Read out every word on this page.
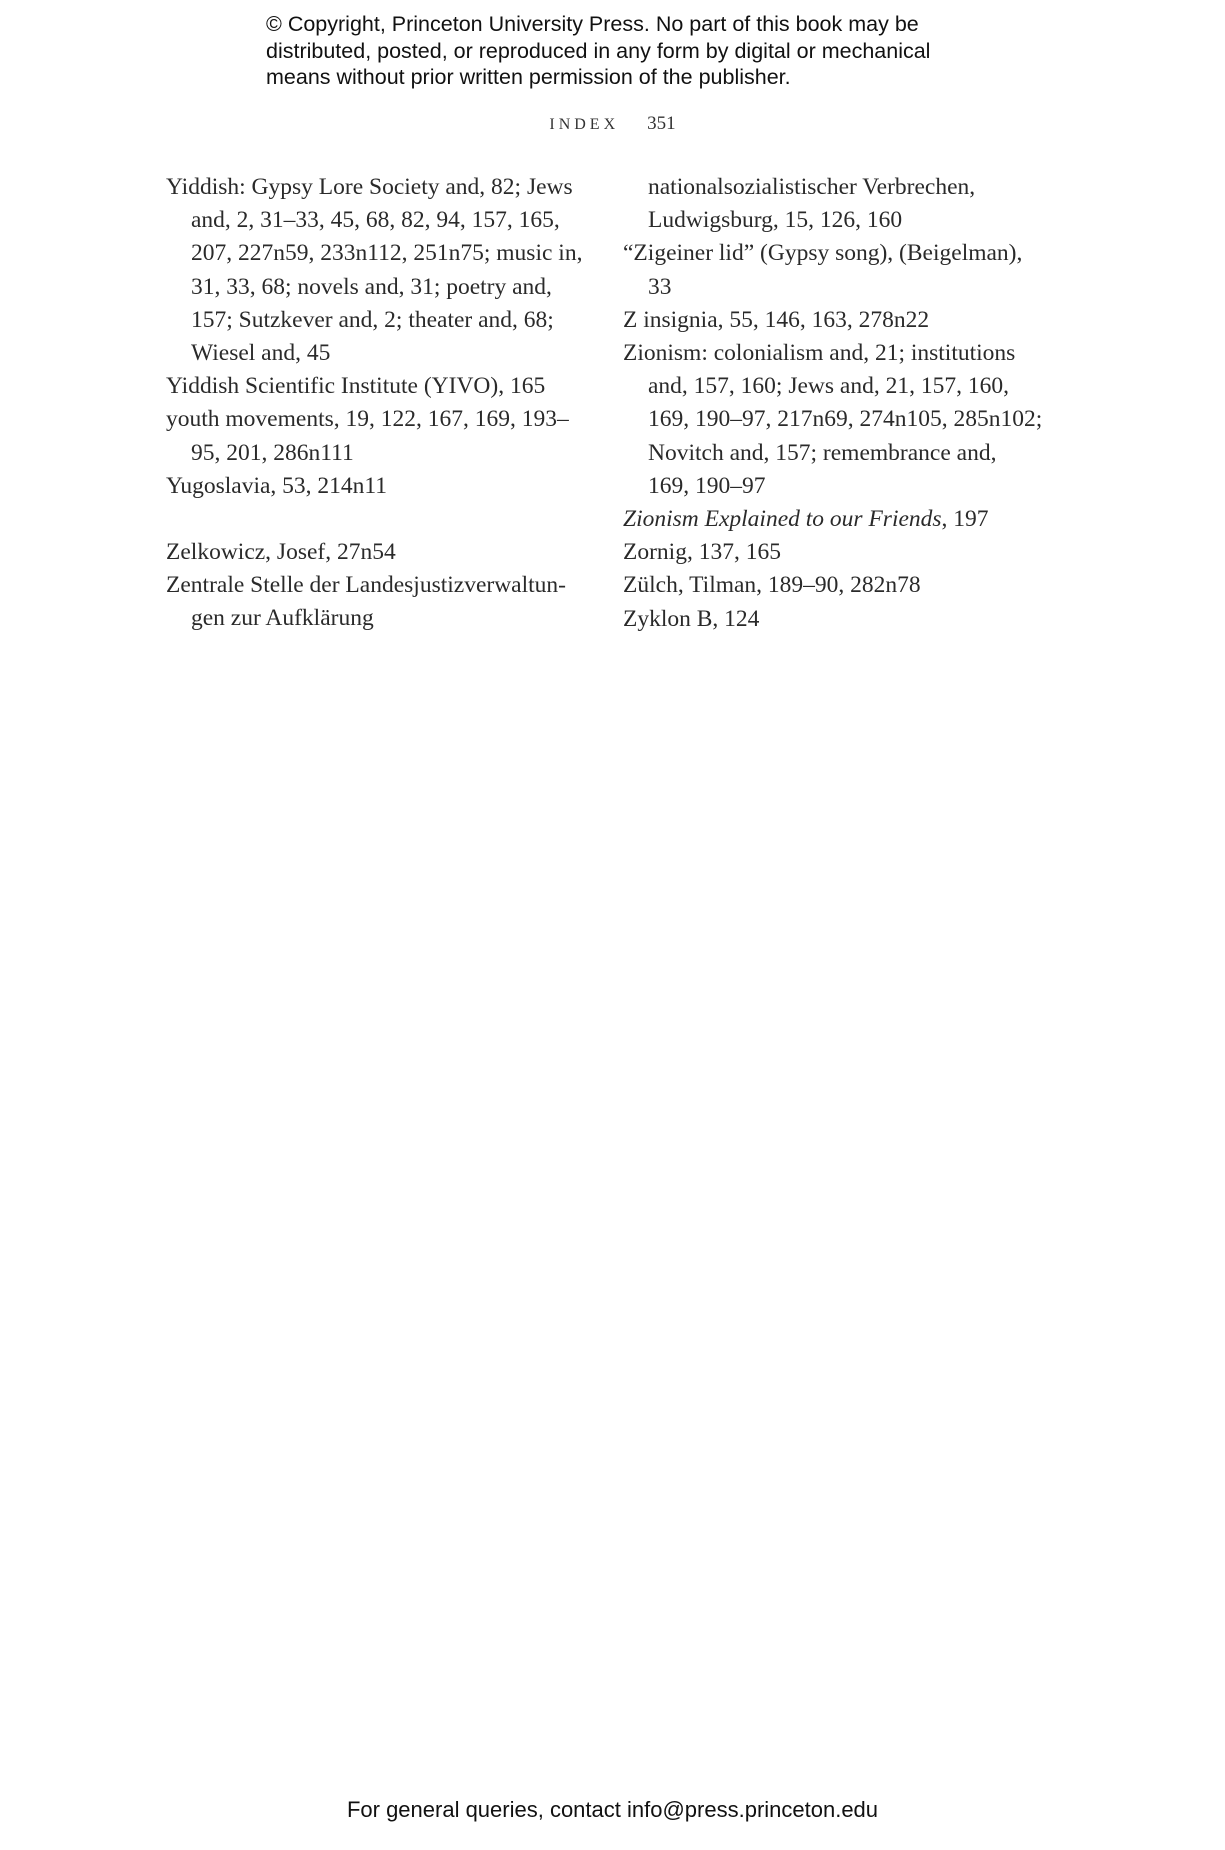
© Copyright, Princeton University Press. No part of this book may be
distributed, posted, or reproduced in any form by digital or mechanical
means without prior written permission of the publisher.
INDEX 351
Yiddish: Gypsy Lore Society and, 82; Jews and, 2, 31–33, 45, 68, 82, 94, 157, 165, 207, 227n59, 233n112, 251n75; music in, 31, 33, 68; novels and, 31; poetry and, 157; Sutzkever and, 2; theater and, 68; Wiesel and, 45
Yiddish Scientific Institute (YIVO), 165
youth movements, 19, 122, 167, 169, 193–95, 201, 286n111
Yugoslavia, 53, 214n11
Zelkowicz, Josef, 27n54
Zentrale Stelle der Landesjustizverwaltungen zur Aufklärung
nationalsozialistischer Verbrechen, Ludwigsburg, 15, 126, 160
“Zigeiner lid” (Gypsy song), (Beigelman), 33
Z insignia, 55, 146, 163, 278n22
Zionism: colonialism and, 21; institutions and, 157, 160; Jews and, 21, 157, 160, 169, 190–97, 217n69, 274n105, 285n102; Novitch and, 157; remembrance and, 169, 190–97
Zionism Explained to our Friends, 197
Zornig, 137, 165
Zülch, Tilman, 189–90, 282n78
Zyklon B, 124
For general queries, contact info@press.princeton.edu
